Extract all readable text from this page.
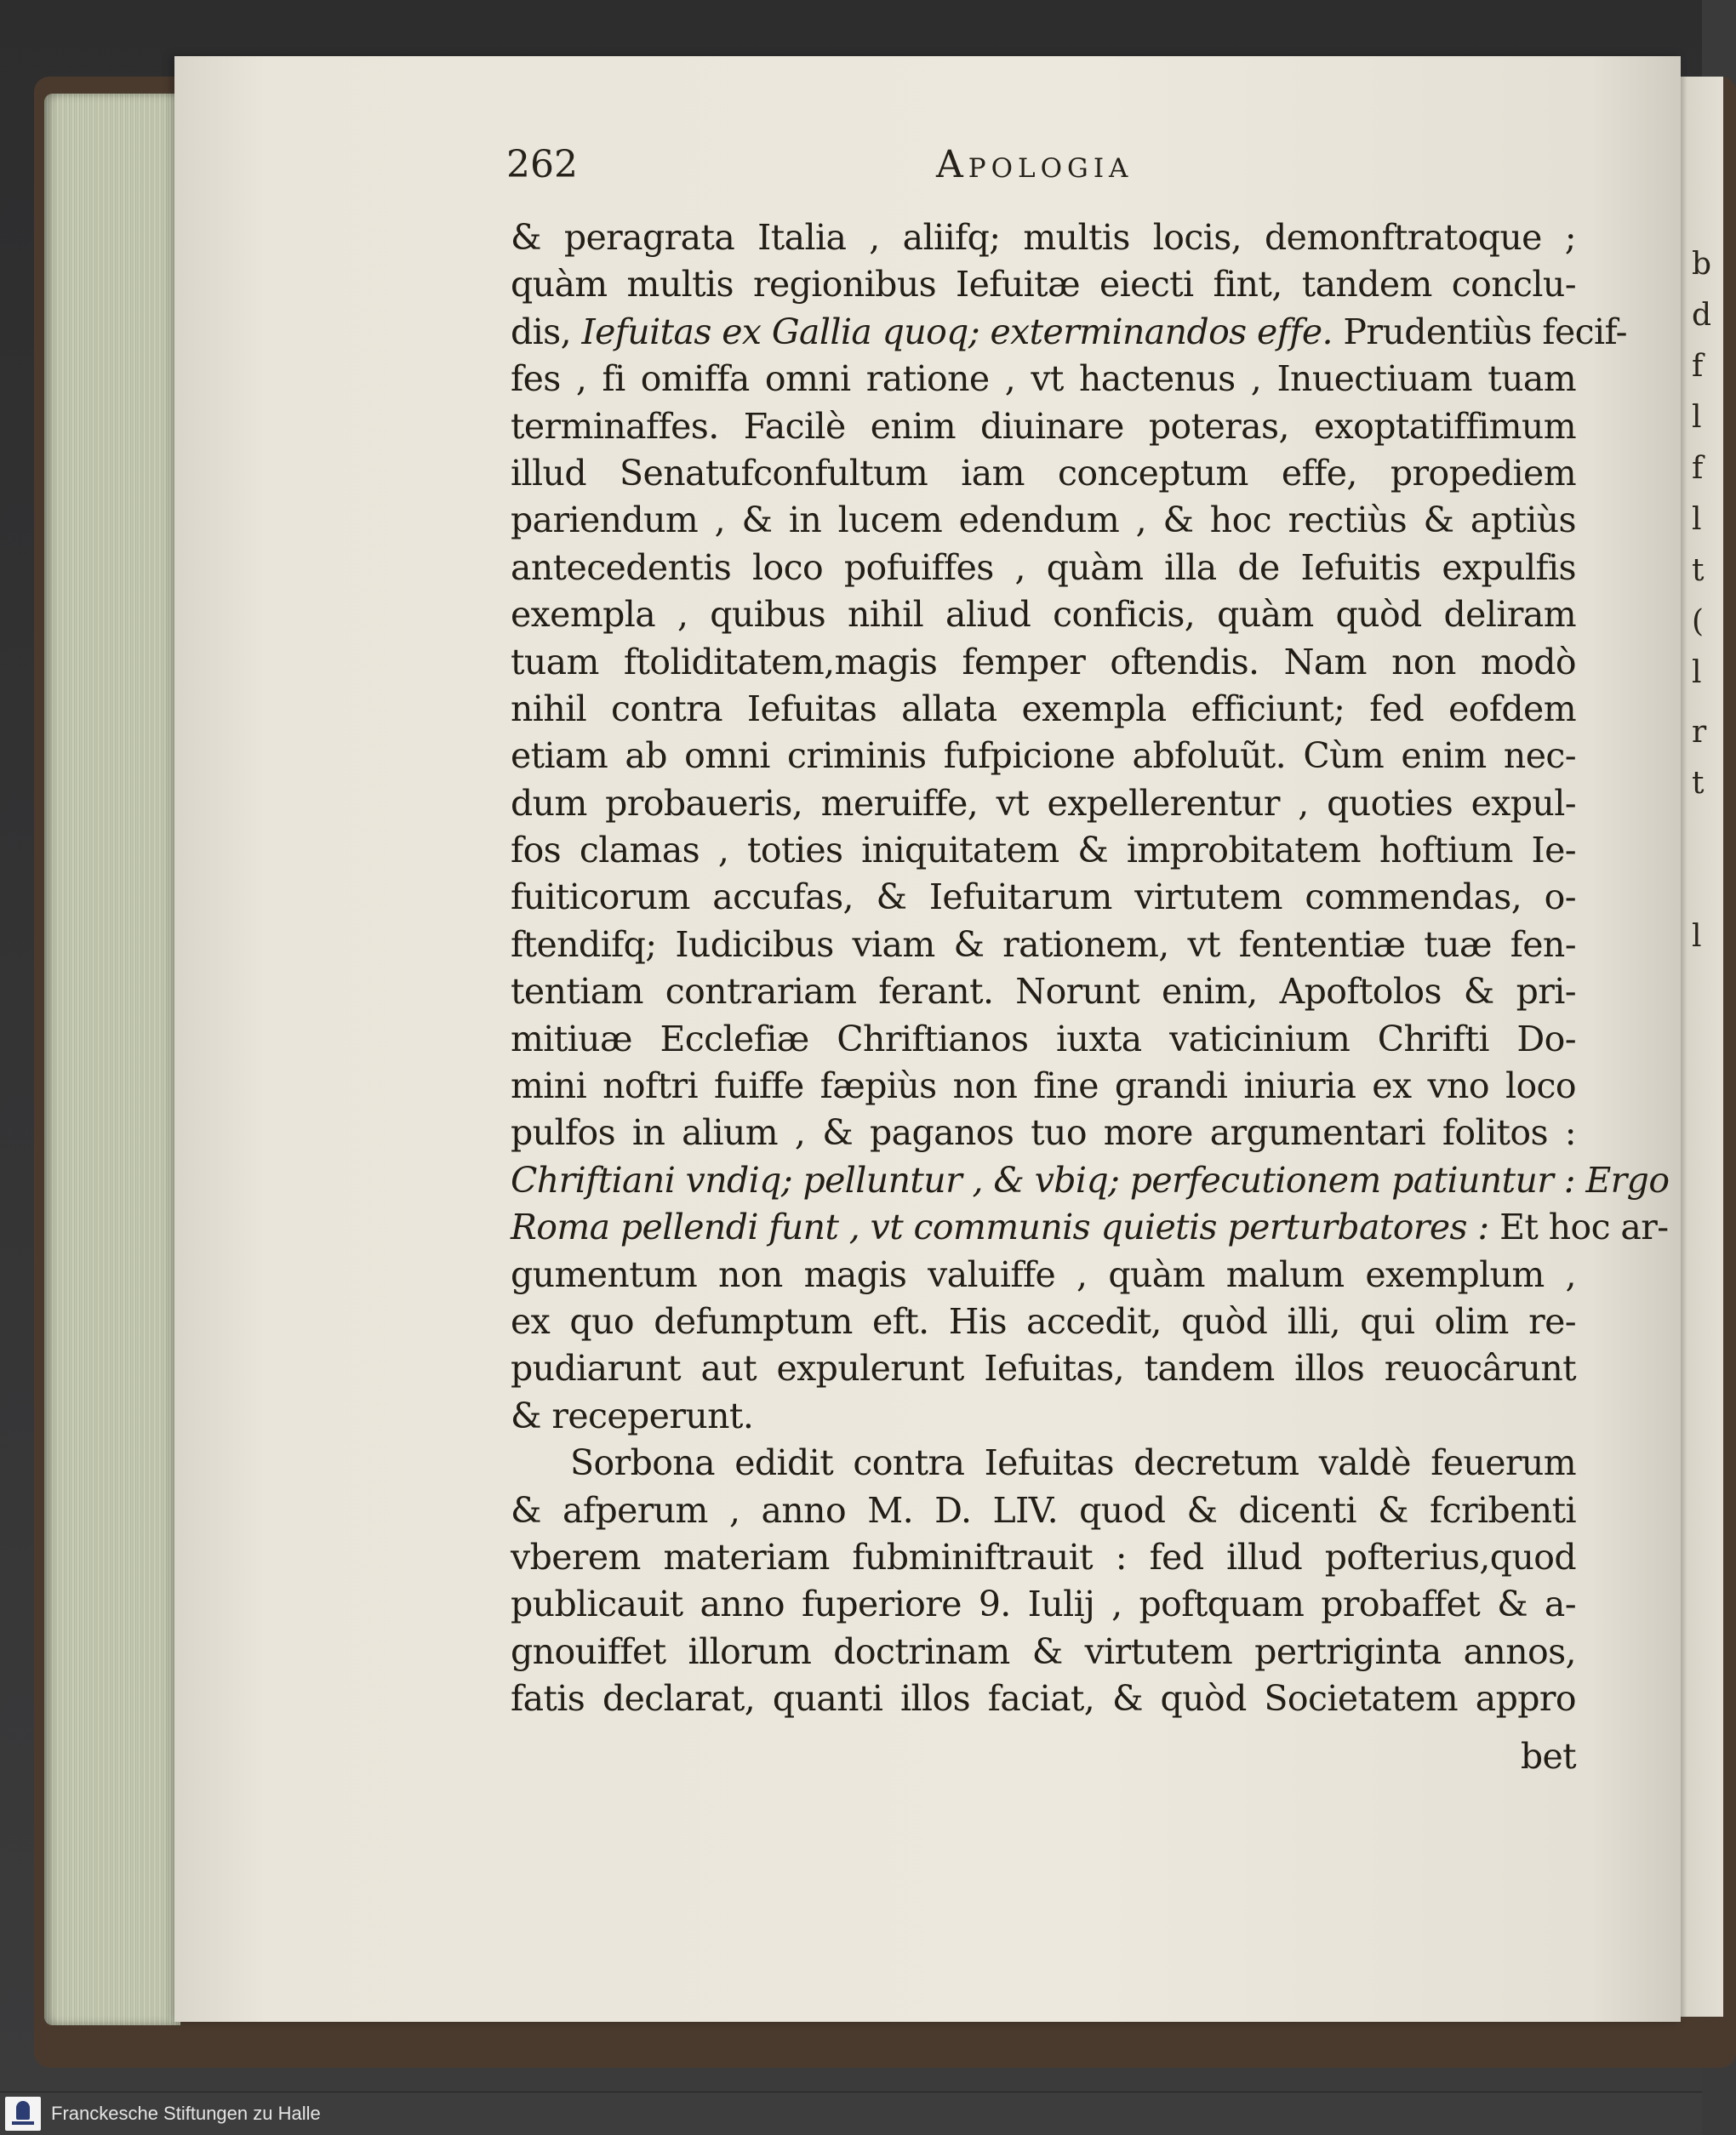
b
d
f
l
f
l
t
(
l
r
t
l
262	Apologia
& peragrata Italia , aliifq; multis locis, demonftratoque ;
quàm multis regionibus Iefuitæ eiecti fint, tandem conclu-
dis, Iefuitas ex Gallia quoq; exterminandos effe. Prudentiùs fecif-
fes , fi omiffa omni ratione , vt hactenus , Inuectiuam tuam
terminaffes. Facilè enim diuinare poteras, exoptatiffimum
illud Senatufconfultum iam conceptum effe, propediem
pariendum , & in lucem edendum , & hoc rectiùs & aptiùs
antecedentis loco pofuiffes , quàm illa de Iefuitis expulfis
exempla , quibus nihil aliud conficis, quàm quòd deliram
tuam ftoliditatem,magis femper oftendis. Nam non modò
nihil contra Iefuitas allata exempla efficiunt; fed eofdem
etiam ab omni criminis fufpicione abfoluũt. Cùm enim nec-
dum probaueris, meruiffe, vt expellerentur , quoties expul-
fos clamas , toties iniquitatem & improbitatem hoftium Ie-
fuiticorum accufas, & Iefuitarum virtutem commendas, o-
ftendifq; Iudicibus viam & rationem, vt fententiæ tuæ fen-
tentiam contrariam ferant. Norunt enim, Apoftolos & pri-
mitiuæ Ecclefiæ Chriftianos iuxta vaticinium Chrifti Do-
mini noftri fuiffe fæpiùs non fine grandi iniuria ex vno loco
pulfos in alium , & paganos tuo more argumentari folitos :
Chriftiani vndiq; pelluntur , & vbiq; perfecutionem patiuntur : Ergo
Roma pellendi funt , vt communis quietis perturbatores : Et hoc ar-
gumentum non magis valuiffe , quàm malum exemplum ,
ex quo defumptum eft. His accedit, quòd illi, qui olim re-
pudiarunt aut expulerunt Iefuitas, tandem illos reuocârunt
& receperunt.
Sorbona edidit contra Iefuitas decretum valdè feuerum
& afperum , anno M. D. LIV. quod & dicenti & fcribenti
vberem materiam fubminiftrauit : fed illud pofterius,quod
publicauit anno fuperiore 9. Iulij , poftquam probaffet & a-
gnouiffet illorum doctrinam & virtutem pertriginta annos,
fatis declarat, quanti illos faciat, & quòd Societatem appro
bet
Franckesche Stiftungen zu Halle
